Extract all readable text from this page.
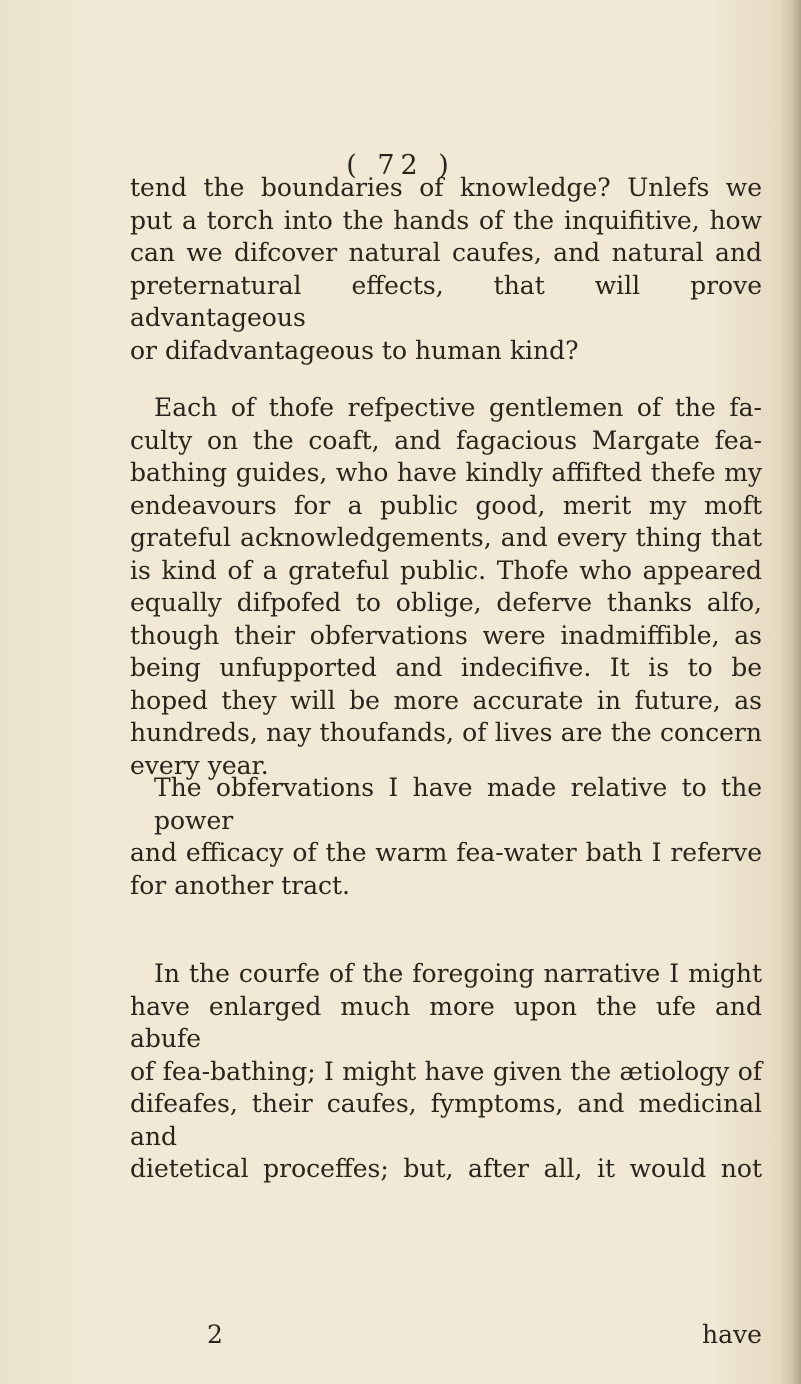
( 72 )
tend the boundaries of knowledge? Unlefs we
put a torch into the hands of the inquifitive, how
can we difcover natural caufes, and natural and
preternatural effects, that will prove advantageous
or difadvantageous to human kind?
Each of thofe refpective gentlemen of the fa-
culty on the coaft, and fagacious Margate fea-
bathing guides, who have kindly affifted thefe my
endeavours for a public good, merit my moft
grateful acknowledgements, and every thing that
is kind of a grateful public. Thofe who appeared
equally difpofed to oblige, deferve thanks alfo,
though their obfervations were inadmiffible, as
being unfupported and indecifive. It is to be
hoped they will be more accurate in future, as
hundreds, nay thoufands, of lives are the concern
every year.
The obfervations I have made relative to the power
and efficacy of the warm fea-water bath I referve
for another tract.
In the courfe of the foregoing narrative I might
have enlarged much more upon the ufe and abufe
of fea-bathing; I might have given the ætiology of
difeafes, their caufes, fymptoms, and medicinal and
dietetical proceffes; but, after all, it would not
2	have
